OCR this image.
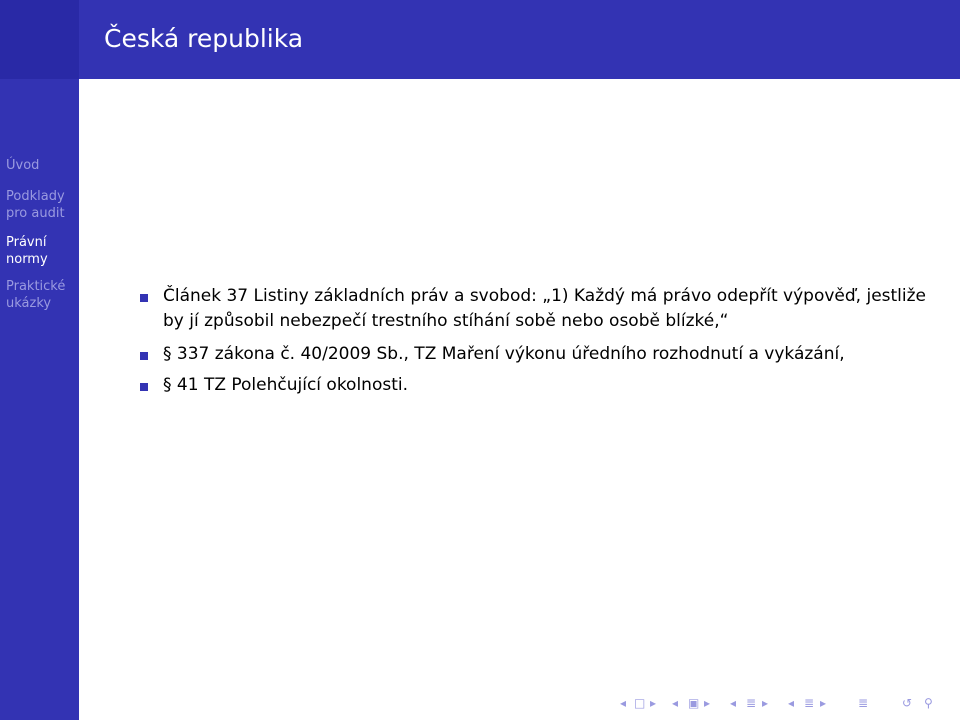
Česká republika
Úvod
Podklady
pro audit
Právní
normy
Praktické
ukázky	Článek 37 Listiny základních práv a svobod: „1) Každý má právo odepřít výpověď, jestliže by jí způsobil nebezpečí trestního stíhání sobě nebo osobě blízké,“
§ 337 zákona č. 40/2009 Sb., TZ Maření výkonu úředního rozhodnutí a vykázání,
§ 41 TZ Polehčující okolnosti.
◂ □ ▸ ◂ ▣ ▸ ◂ ≣ ▸ ◂ ≣ ▸	≣	↺ ⚲
